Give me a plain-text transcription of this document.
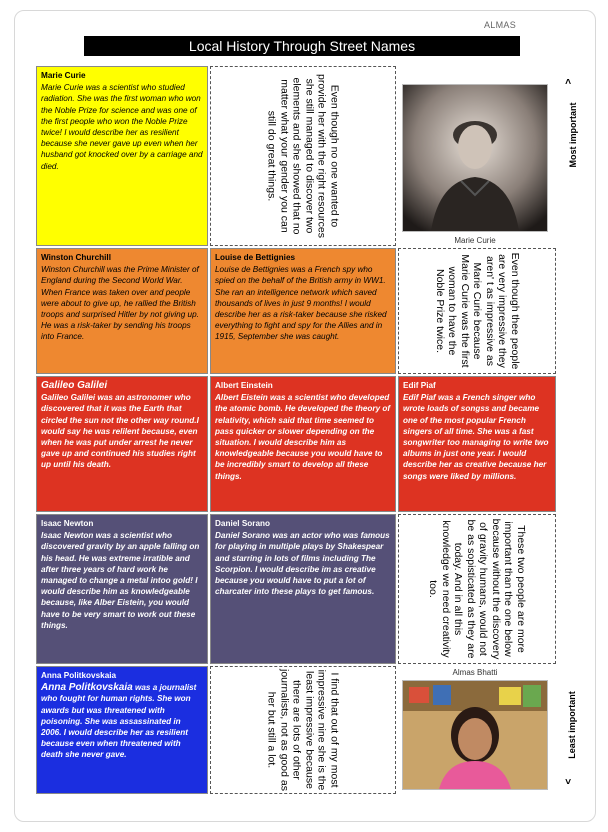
ALMAS
Local History Through Street Names
Marie Curie
Marie Curie was a scientist who studied radiation. She was the first woman who won the Noble Prize for science and was one of the first people who won the Noble Prize twice! I would describe her as resilient because she never gave up even when her husband got knocked over by a carriage and died.	Even though no one wanted to provide her with the right resources she still managed to discover two elements and she showed that no matter what your gender you can still do great things.
Marie Curie
Winston Churchill
Winston Churchill was the Prime Minister of England during the Second World War. When France was taken over and people were about to give up, he rallied the British troops and surprised Hitler by not giving up. He was a risk-taker by sending his troops into France.
Louise de Bettignies
Louise de Bettignies was a French spy who spied on the behalf of the British army in WW1. She ran an intelligence network which saved thousands of lives in just 9 months! I would describe her as a risk-taker because she risked everything to fight and spy for the Allies and in 1915, September she was caught.	Even though thee people are very impressive they aren' t as impressive as Marie Curie because Marie Curie was the first woman to have the Noble Prize twice.
Galileo Galilei
Galileo Galilei was an astronomer who discovered that it was the Earth that circled the sun not the other way round.I would say he was relilent because, even when he was put under arrest he never gave up and continued his studies right up until his death.
Albert Einstein
Albert Eistein was a scientist who developed the atomic bomb. He developed the theory of relativity, which said that time seemed to pass quicker or slower depending on the situation. I would describe him as knowledgeable because you would have to be incredibly smart to develop all these things.
Edif Piaf
Edif Piaf was a French singer who wrote loads of songss and became one of the most popular French singers of all time. She was a fast songwriter too managing to write two albums in just one year. I would describe her as creative because her songs were liked by millions.
Isaac Newton
Isaac Newton was a scientist who discovered gravity by an apple falling on his head. He was extreme irratible and after three years of hard work he managed to change a metal intoo gold! I would describe him as knowledgeable because, like Alber Eistein, you would have to be very smart to work out these things.
Daniel Sorano
Daniel Sorano was an actor who was famous for playing in multiple plays by Shakespear and starring in lots of films including The Scorpion. I would describe im as creative because you would have to put a lot of charcater into these plays to get famous.	These two people are more important than the one below because without the discovery of gravity humans, would not be as sopisticated as they are today. And in all this knowledge we need creativity too.
Anna Politkovskaia
Anna Politkovskaia was a journalist who fought for human rights. She won awards but was threatened with poisoning. She was assassinated in 2006. I would describe her as resilient because even when threatened with death she never gave.	I find that out of my most impressive nine she is the least impressive because there are lots of other journalists, not as good as her but still a lot.
Almas Bhatti
>
Most important
Least important
<
